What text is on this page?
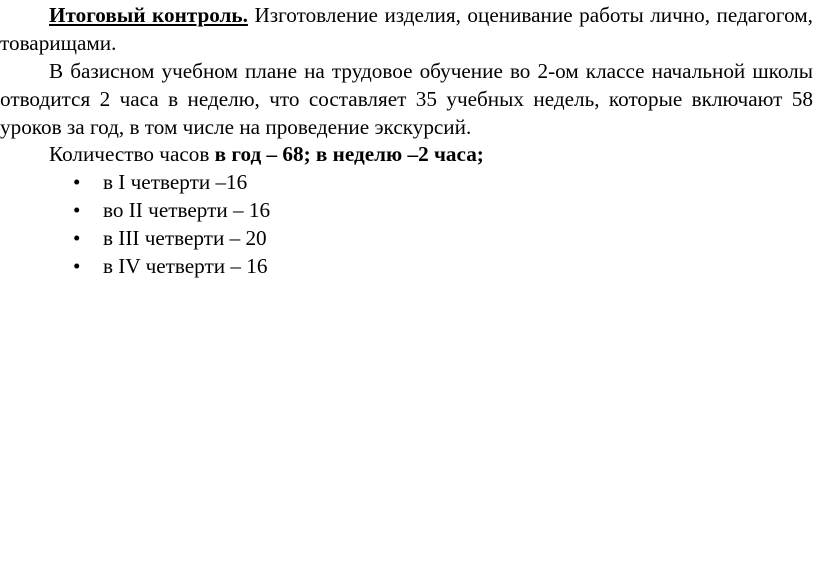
Итоговый контроль. Изготовление изделия, оценивание работы лично, педагогом, товарищами.

В базисном учебном плане на трудовое обучение во 2-ом классе начальной школы отводится 2 часа в неделю, что составляет 35 учебных недель, которые включают 58 уроков за год, в том числе на проведение экскурсий.

Количество часов в год – 68; в неделю –2 часа;

• в I четверти –16
• во II четверти – 16
• в III четверти – 20
• в IV четверти – 16
